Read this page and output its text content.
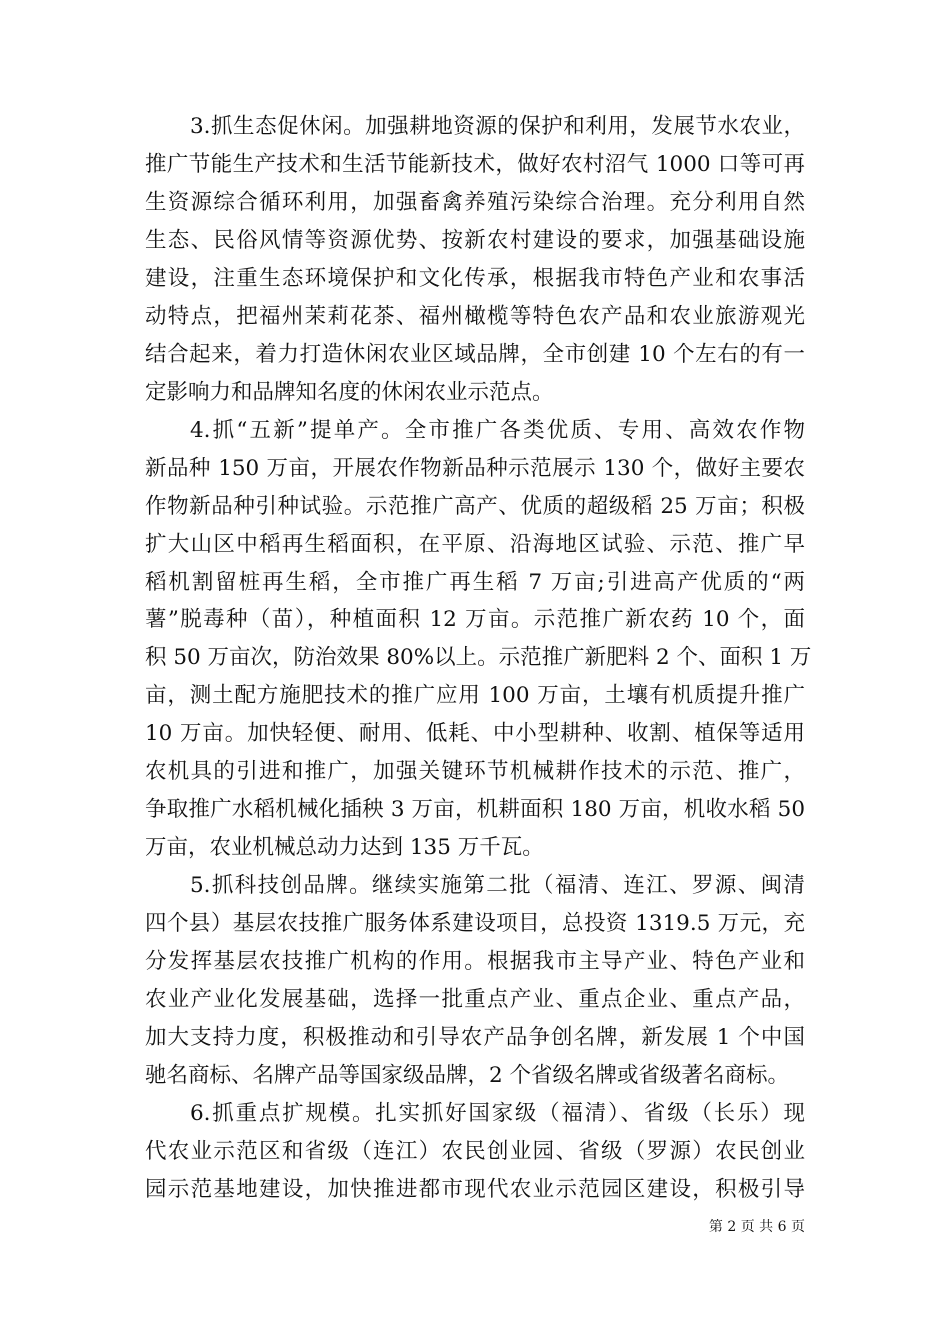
3.抓生态促休闲。加强耕地资源的保护和利用，发展节水农业，
推广节能生产技术和生活节能新技术，做好农村沼气 1000 口等可再
生资源综合循环利用，加强畜禽养殖污染综合治理。充分利用自然
生态、民俗风情等资源优势、按新农村建设的要求，加强基础设施
建设，注重生态环境保护和文化传承，根据我市特色产业和农事活
动特点，把福州茉莉花茶、福州橄榄等特色农产品和农业旅游观光
结合起来，着力打造休闲农业区域品牌，全市创建 10 个左右的有一
定影响力和品牌知名度的休闲农业示范点。
4.抓“五新”提单产。全市推广各类优质、专用、高效农作物
新品种 150 万亩，开展农作物新品种示范展示 130 个，做好主要农
作物新品种引种试验。示范推广高产、优质的超级稻 25 万亩；积极
扩大山区中稻再生稻面积，在平原、沿海地区试验、示范、推广早
稻机割留桩再生稻，全市推广再生稻 7 万亩;引进高产优质的“两
薯”脱毒种（苗），种植面积 12 万亩。示范推广新农药 10 个，面
积 50 万亩次，防治效果 80%以上。示范推广新肥料 2 个、面积 1 万
亩，测土配方施肥技术的推广应用 100 万亩，土壤有机质提升推广
10 万亩。加快轻便、耐用、低耗、中小型耕种、收割、植保等适用
农机具的引进和推广，加强关键环节机械耕作技术的示范、推广，
争取推广水稻机械化插秧 3 万亩，机耕面积 180 万亩，机收水稻 50
万亩，农业机械总动力达到 135 万千瓦。
5.抓科技创品牌。继续实施第二批（福清、连江、罗源、闽清
四个县）基层农技推广服务体系建设项目，总投资 1319.5 万元，充
分发挥基层农技推广机构的作用。根据我市主导产业、特色产业和
农业产业化发展基础，选择一批重点产业、重点企业、重点产品，
加大支持力度，积极推动和引导农产品争创名牌，新发展 1 个中国
驰名商标、名牌产品等国家级品牌，2 个省级名牌或省级著名商标。
6.抓重点扩规模。扎实抓好国家级（福清）、省级（长乐）现
代农业示范区和省级（连江）农民创业园、省级（罗源）农民创业
园示范基地建设，加快推进都市现代农业示范园区建设，积极引导
第 2 页 共 6 页
